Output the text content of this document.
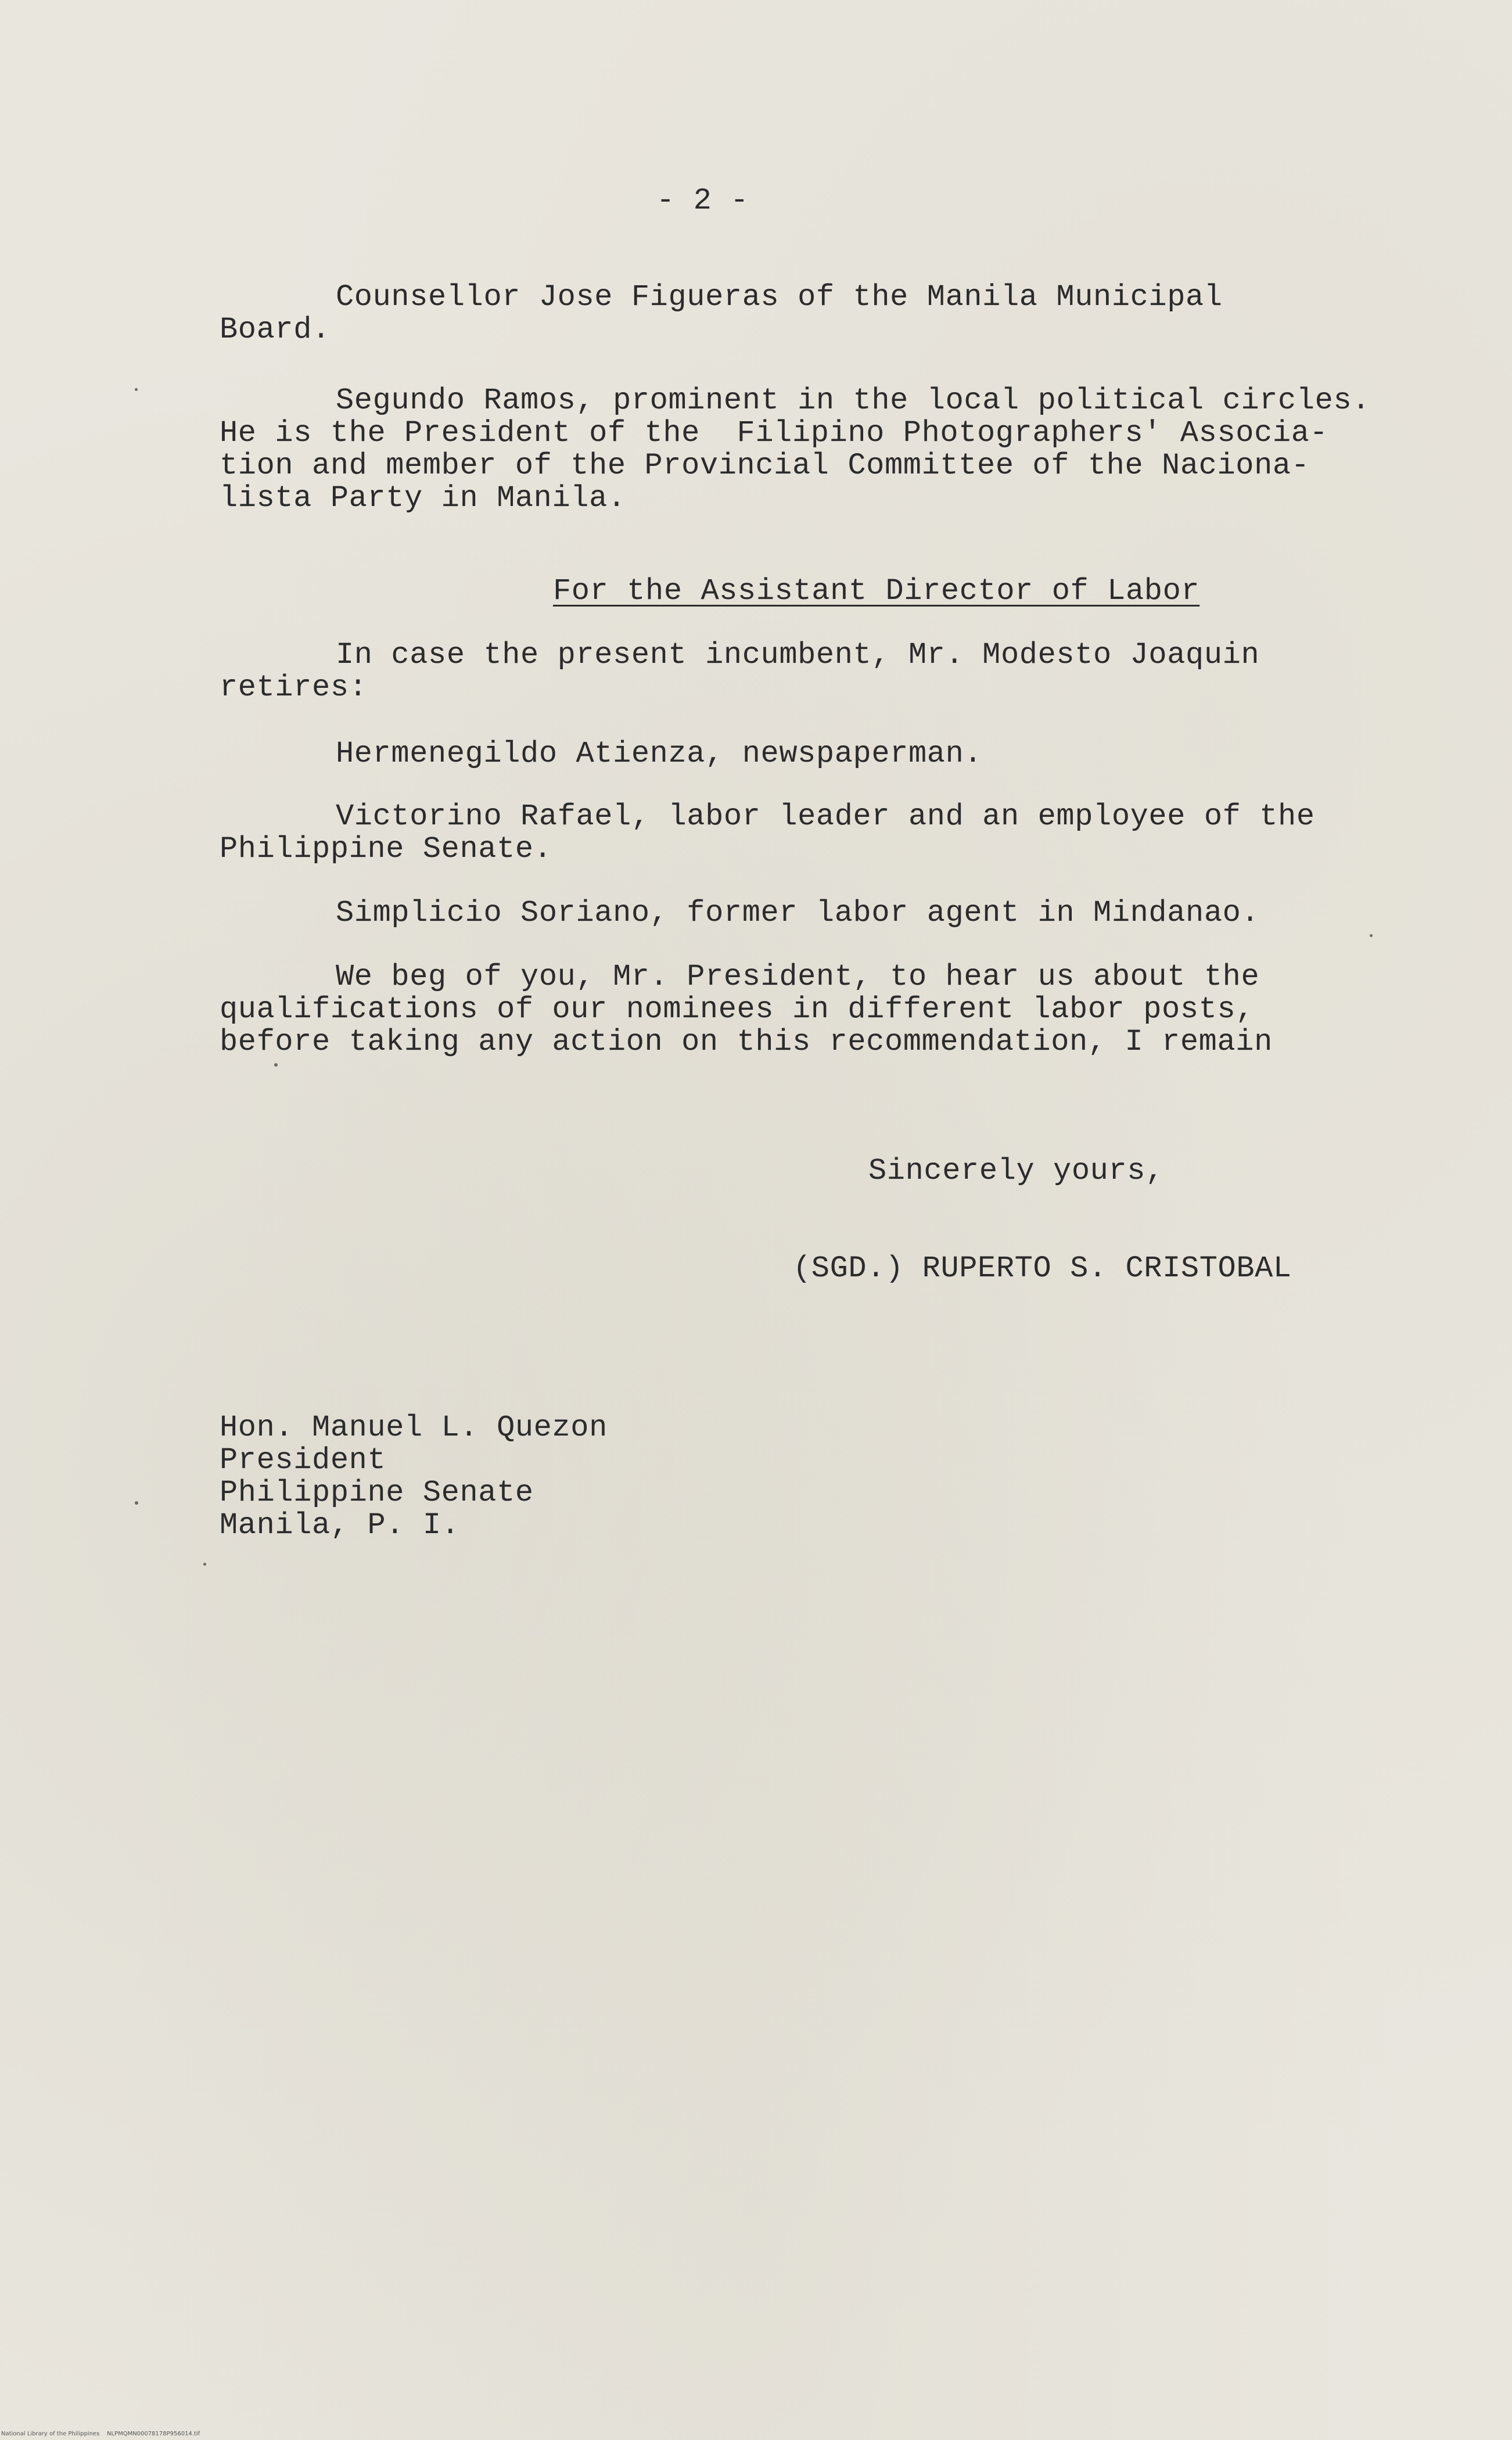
- 2 -
Counsellor Jose Figueras of the Manila Municipal
Board.
Segundo Ramos, prominent in the local political circles.
He is the President of the  Filipino Photographers' Associa-
tion and member of the Provincial Committee of the Naciona-
lista Party in Manila.
For the Assistant Director of Labor
In case the present incumbent, Mr. Modesto Joaquin
retires:
Hermenegildo Atienza, newspaperman.
Victorino Rafael, labor leader and an employee of the
Philippine Senate.
Simplicio Soriano, former labor agent in Mindanao.
We beg of you, Mr. President, to hear us about the
qualifications of our nominees in different labor posts,
before taking any action on this recommendation, I remain
Sincerely yours,
(SGD.) RUPERTO S. CRISTOBAL
Hon. Manuel L. Quezon
President
Philippine Senate
Manila, P. I.
National Library of the Philippines    NLPMQMN00078178P956014.tif
